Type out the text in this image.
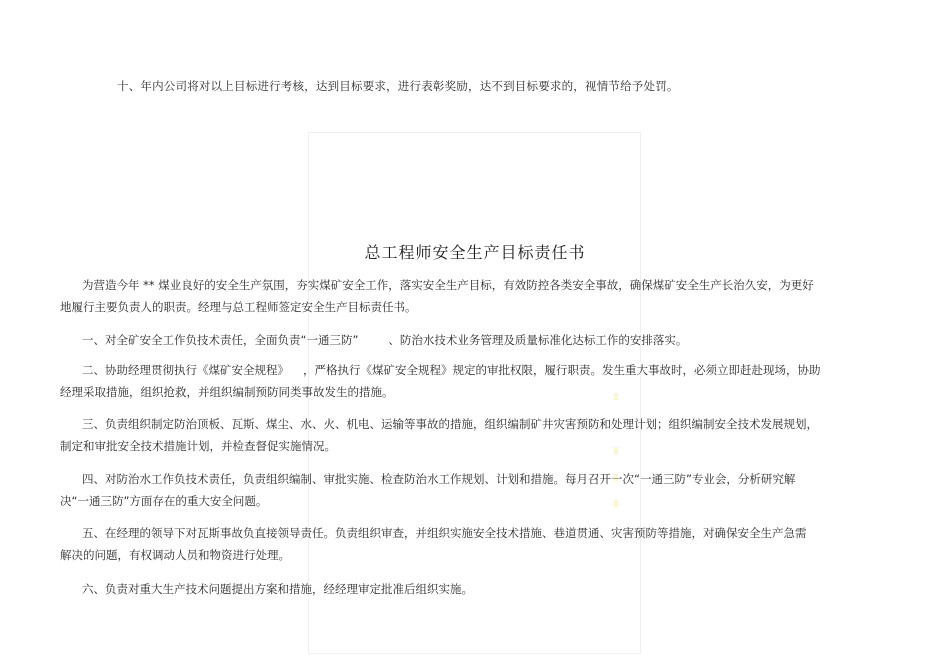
十、年内公司将对以上目标进行考核，达到目标要求，进行表彰奖励，达不到目标要求的，视情节给予处罚。
总工程师安全生产目标责任书
为营造今年 ** 煤业良好的安全生产氛围，夯实煤矿安全工作，落实安全生产目标，有效防控各类安全事故，确保煤矿安全生产长治久安，为更好
地履行主要负责人的职责。经理与总工程师签定安全生产目标责任书。
一、对全矿安全工作负技术责任，全面负责“一通三防”	、防治水技术业务管理及质量标准化达标工作的安排落实。
二、协助经理贯彻执行《煤矿安全规程》 ，严格执行《煤矿安全规程》规定的审批权限，履行职责。发生重大事故时，必须立即赶赴现场，协助
经理采取措施，组织抢救，并组织编制预防同类事故发生的措施。
三、负责组织制定防治顶板、瓦斯、煤尘、水、火、机电、运输等事故的措施，组织编制矿井灾害预防和处理计划；组织编制安全技术发展规划，
制定和审批安全技术措施计划，并检查督促实施情况。
四、对防治水工作负技术责任，负责组织编制、审批实施、检查防治水工作规划、计划和措施。每月召开一次“一通三防”专业会，分析研究解
决“一通三防”方面存在的重大安全问题。
五、在经理的领导下对瓦斯事故负直接领导责任。负责组织审查，并组织实施安全技术措施、巷道贯通、灾害预防等措施，对确保安全生产急需
解决的问题，有权调动人员和物资进行处理。
六、负责对重大生产技术问题提出方案和措施，经经理审定批准后组织实施。
